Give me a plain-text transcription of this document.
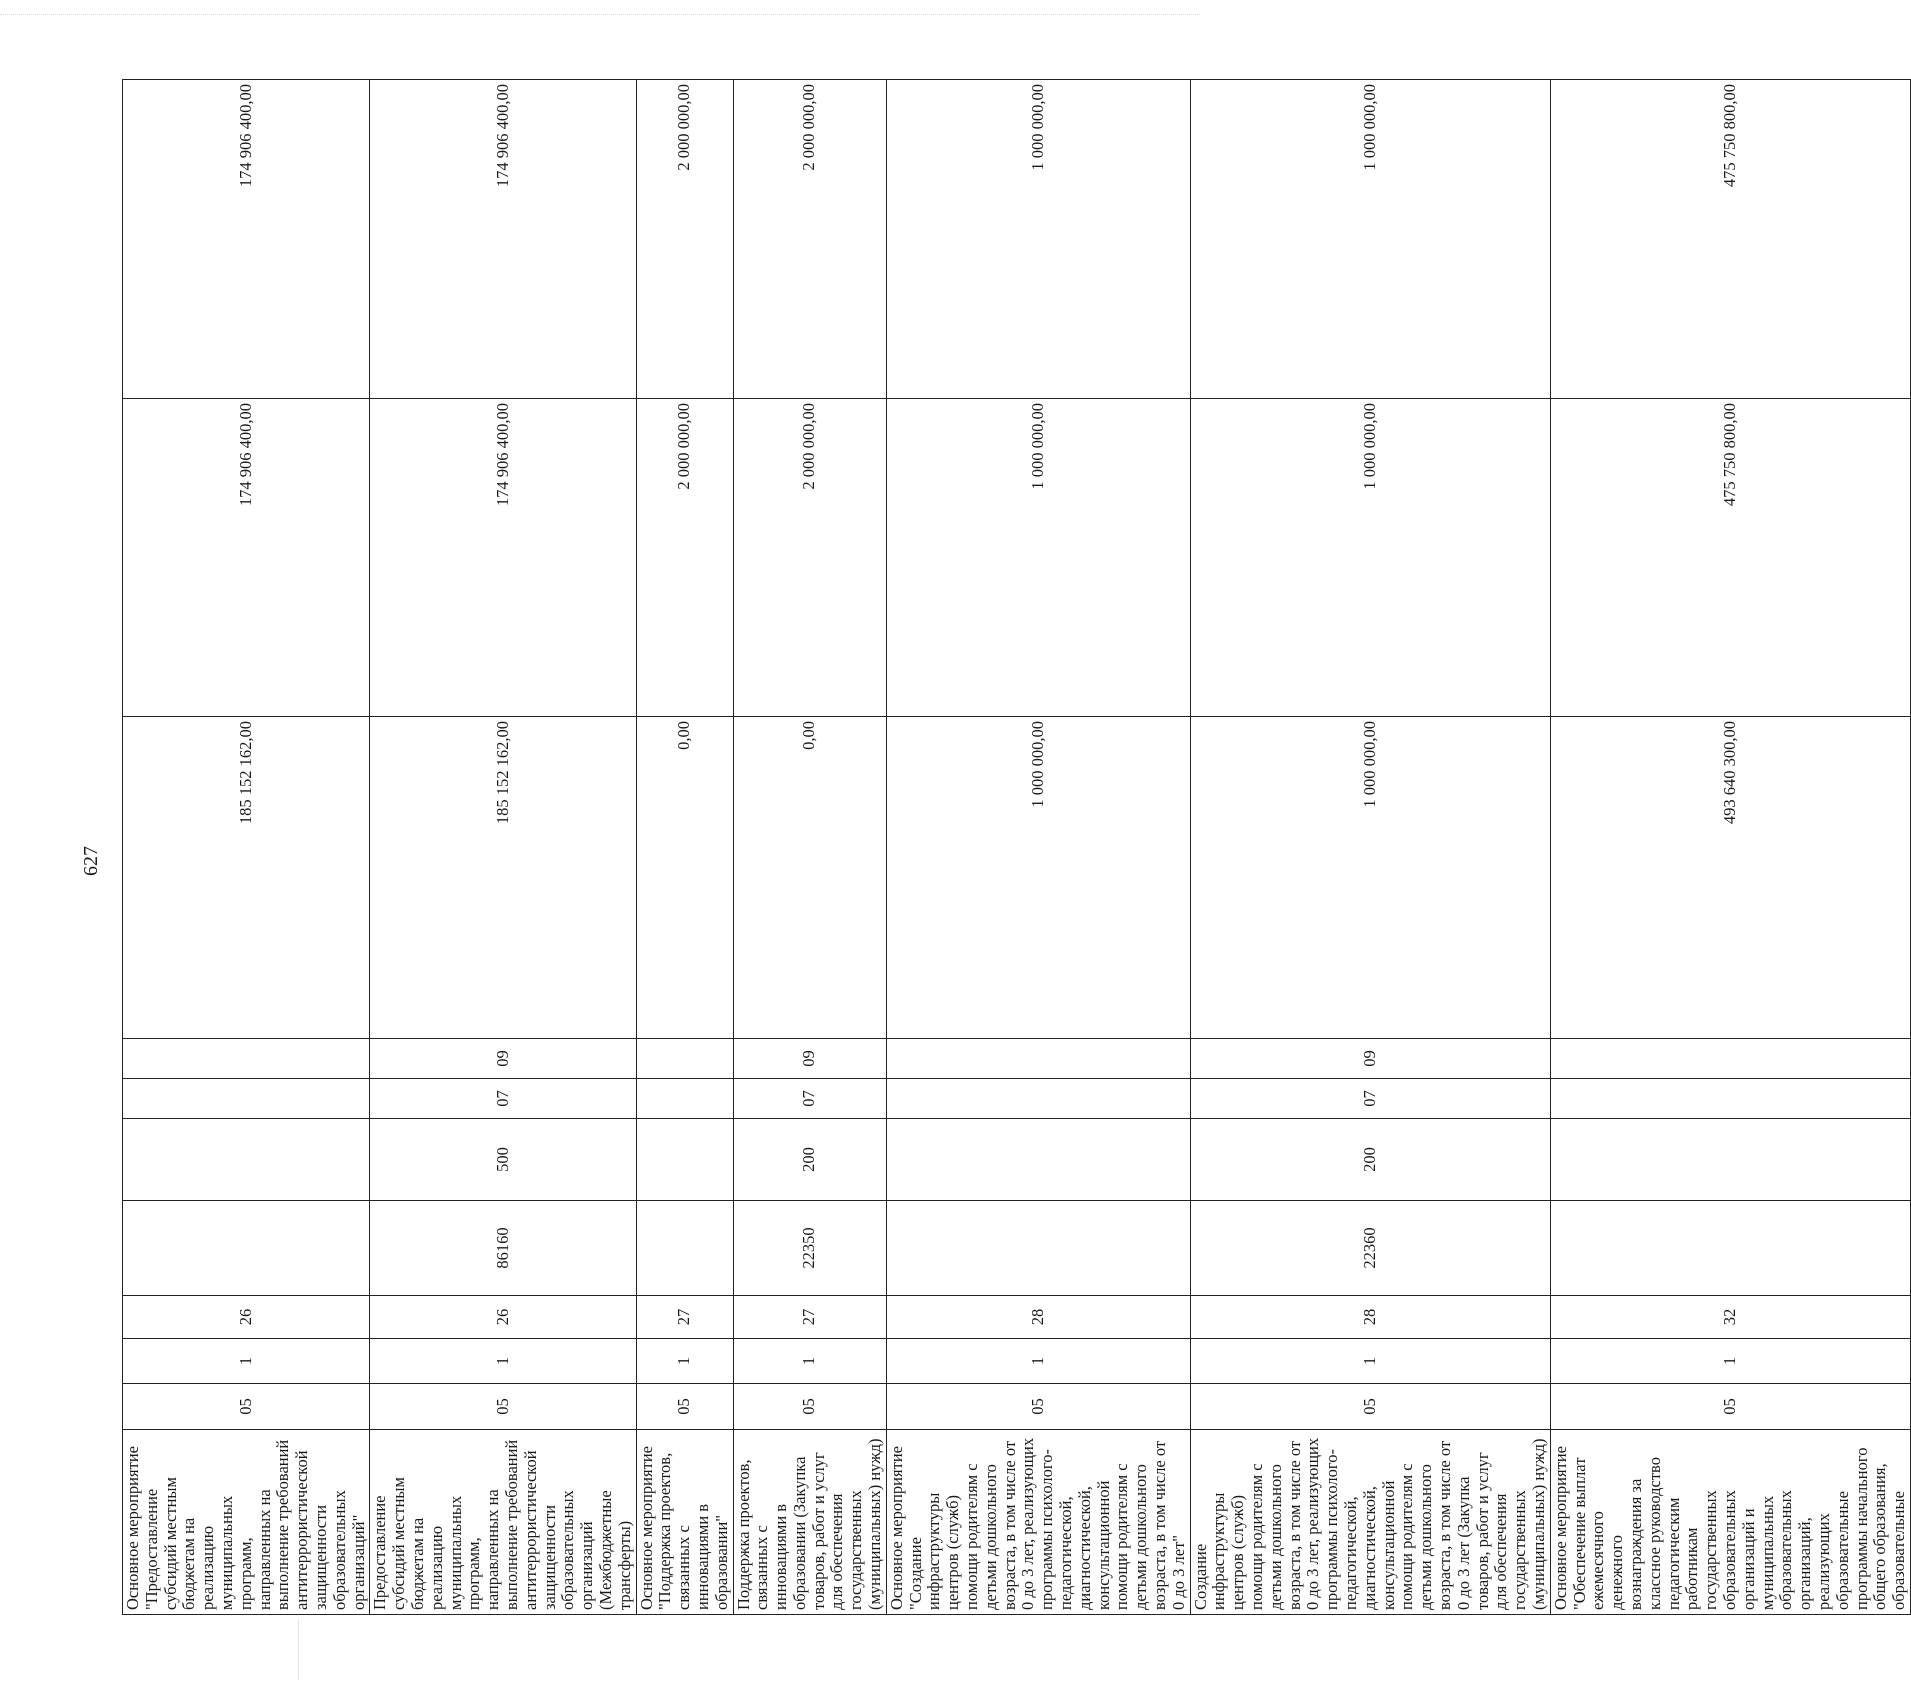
627
Основное мероприятие "Предоставление субсидий местным бюджетам на реализацию муниципальных программ, направленных на выполнение требований антитеррористической защищенности образовательных организаций"	05	1	26					185 152 162,00	174 906 400,00	174 906 400,00
Предоставление субсидий местным бюджетам на реализацию муниципальных программ, направленных на выполнение требований антитеррористической защищенности образовательных организаций (Межбюджетные трансферты)	05	1	26	86160	500	07	09	185 152 162,00	174 906 400,00	174 906 400,00
Основное мероприятие "Поддержка проектов, связанных с инновациями в образовании"	05	1	27					0,00	2 000 000,00	2 000 000,00
Поддержка проектов, связанных с инновациями в образовании (Закупка товаров, работ и услуг для обеспечения государственных (муниципальных) нужд)	05	1	27	22350	200	07	09	0,00	2 000 000,00	2 000 000,00
Основное мероприятие "Создание инфраструктуры центров (служб) помощи родителям с детьми дошкольного возраста, в том числе от 0 до 3 лет, реализующих программы психолого-педагогической, диагностической, консультационной помощи родителям с детьми дошкольного возраста, в том числе от 0 до 3 лет"	05	1	28					1 000 000,00	1 000 000,00	1 000 000,00
Создание инфраструктуры центров (служб) помощи родителям с детьми дошкольного возраста, в том числе от 0 до 3 лет, реализующих программы психолого-педагогической, диагностической, консультационной помощи родителям с детьми дошкольного возраста, в том числе от 0 до 3 лет (Закупка товаров, работ и услуг для обеспечения государственных (муниципальных) нужд)	05	1	28	22360	200	07	09	1 000 000,00	1 000 000,00	1 000 000,00
Основное мероприятие "Обеспечение выплат ежемесячного денежного вознаграждения за классное руководство педагогическим работникам государственных образовательных организаций и муниципальных образовательных организаций, реализующих образовательные программы начального общего образования, образовательные	05	1	32					493 640 300,00	475 750 800,00	475 750 800,00
